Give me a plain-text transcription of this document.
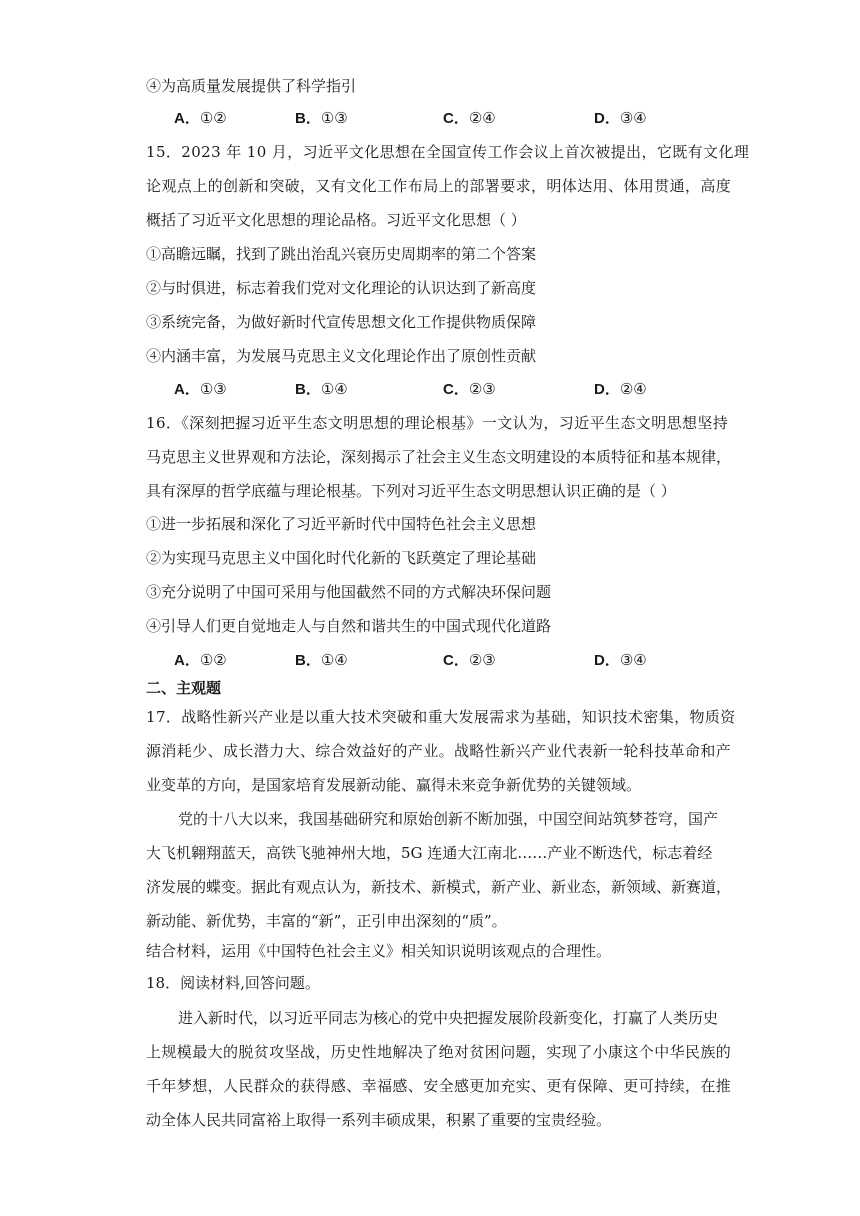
④为高质量发展提供了科学指引
A．①②	B．①③	C．②④	D．③④
15．2023 年 10 月，习近平文化思想在全国宣传工作会议上首次被提出，它既有文化理
论观点上的创新和突破，又有文化工作布局上的部署要求，明体达用、体用贯通，高度
概括了习近平文化思想的理论品格。习近平文化思想（ ）
①高瞻远瞩，找到了跳出治乱兴衰历史周期率的第二个答案
②与时俱进，标志着我们党对文化理论的认识达到了新高度
③系统完备，为做好新时代宣传思想文化工作提供物质保障
④内涵丰富，为发展马克思主义文化理论作出了原创性贡献
A．①③	B．①④	C．②③	D．②④
16．《深刻把握习近平生态文明思想的理论根基》一文认为，习近平生态文明思想坚持
马克思主义世界观和方法论，深刻揭示了社会主义生态文明建设的本质特征和基本规律，
具有深厚的哲学底蕴与理论根基。下列对习近平生态文明思想认识正确的是（ ）
①进一步拓展和深化了习近平新时代中国特色社会主义思想
②为实现马克思主义中国化时代化新的飞跃奠定了理论基础
③充分说明了中国可采用与他国截然不同的方式解决环保问题
④引导人们更自觉地走人与自然和谐共生的中国式现代化道路
A．①②	B．①④	C．②③	D．③④
二、主观题
17．战略性新兴产业是以重大技术突破和重大发展需求为基础，知识技术密集，物质资
源消耗少、成长潜力大、综合效益好的产业。战略性新兴产业代表新一轮科技革命和产
业变革的方向，是国家培育发展新动能、赢得未来竞争新优势的关键领域。
党的十八大以来，我国基础研究和原始创新不断加强，中国空间站筑梦苍穹，国产
大飞机翱翔蓝天，高铁飞驰神州大地，5G 连通大江南北……产业不断迭代，标志着经
济发展的蝶变。据此有观点认为，新技术、新模式，新产业、新业态，新领域、新赛道，
新动能、新优势，丰富的“新”，正引申出深刻的“质”。
结合材料，运用《中国特色社会主义》相关知识说明该观点的合理性。
18．阅读材料,回答问题。
进入新时代，以习近平同志为核心的党中央把握发展阶段新变化，打赢了人类历史
上规模最大的脱贫攻坚战，历史性地解决了绝对贫困问题，实现了小康这个中华民族的
千年梦想，人民群众的获得感、幸福感、安全感更加充实、更有保障、更可持续，在推
动全体人民共同富裕上取得一系列丰硕成果，积累了重要的宝贵经验。
